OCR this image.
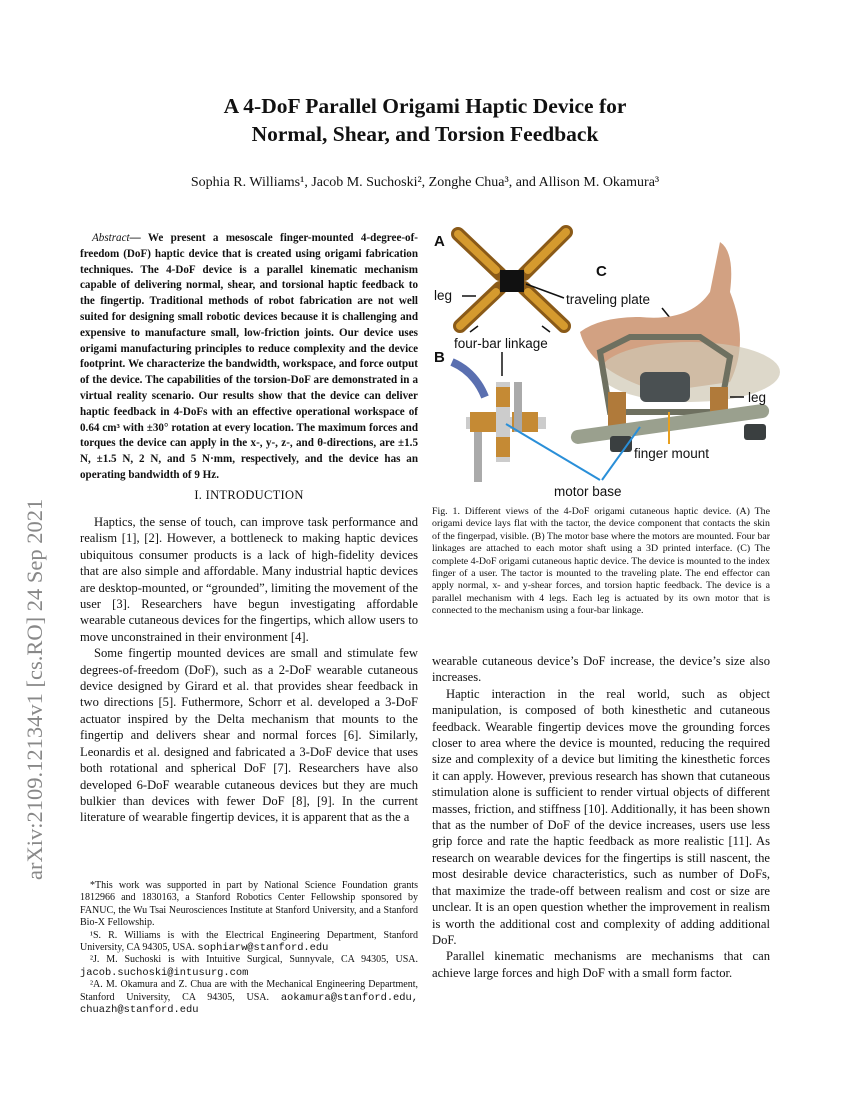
arXiv:2109.12134v1 [cs.RO] 24 Sep 2021
A 4-DoF Parallel Origami Haptic Device for
Normal, Shear, and Torsion Feedback
Sophia R. Williams¹, Jacob M. Suchoski², Zonghe Chua³, and Allison M. Okamura³

Abstract— We present a mesoscale finger-mounted 4-degree-of-freedom (DoF) haptic device that is created using origami fabrication techniques. The 4-DoF device is a parallel kinematic mechanism capable of delivering normal, shear, and torsional haptic feedback to the fingertip. Traditional methods of robot fabrication are not well suited for designing small robotic devices because it is challenging and expensive to manufacture small, low-friction joints. Our device uses origami manufacturing principles to reduce complexity and the device footprint. We characterize the bandwidth, workspace, and force output of the device. The capabilities of the torsion-DoF are demonstrated in a virtual reality scenario. Our results show that the device can deliver haptic feedback in 4-DoFs with an effective operational workspace of 0.64 cm³ with ±30° rotation at every location. The maximum forces and torques the device can apply in the x-, y-, z-, and θ-directions, are ±1.5 N, ±1.5 N, 2 N, and 5 N·mm, respectively, and the device has an operating bandwidth of 9 Hz.

I. INTRODUCTION

Haptics, the sense of touch, can improve task performance and realism [1], [2]. However, a bottleneck to making haptic devices ubiquitous consumer products is a lack of high-fidelity devices that are also simple and affordable. Many industrial haptic devices are desktop-mounted, or “grounded”, limiting the movement of the user [3]. Researchers have begun investigating affordable wearable cutaneous devices for the fingertips, which allow users to move unconstrained in their environment [4].

Some fingertip mounted devices are small and stimulate few degrees-of-freedom (DoF), such as a 2-DoF wearable cutaneous device designed by Girard et al. that provides shear feedback in two directions [5]. Futhermore, Schorr et al. developed a 3-DoF actuator inspired by the Delta mechanism that mounts to the fingertip and delivers shear and normal forces [6]. Similarly, Leonardis et al. designed and fabricated a 3-DoF device that uses both rotational and spherical DoF [7]. Researchers have also developed 6-DoF wearable cutaneous devices but they are much bulkier than devices with fewer DoF [8], [9]. In the current literature of wearable fingertip devices, it is apparent that as the a

*This work was supported in part by National Science Foundation grants 1812966 and 1830163, a Stanford Robotics Center Fellowship sponsored by FANUC, the Wu Tsai Neurosciences Institute at Stanford University, and a Stanford Bio-X Fellowship.

¹S. R. Williams is with the Electrical Engineering Department, Stanford University, CA 94305, USA. sophiarw@stanford.edu

²J. M. Suchoski is with Intuitive Surgical, Sunnyvale, CA 94305, USA. jacob.suchoski@intusurg.com

²A. M. Okamura and Z. Chua are with the Mechanical Engineering Department, Stanford University, CA 94305, USA. aokamura@stanford.edu, chuazh@stanford.edu

A
leg	traveling plate
C
four-bar linkage
B
leg
finger mount
motor base

Fig. 1. Different views of the 4-DoF origami cutaneous haptic device. (A) The origami device lays flat with the tactor, the device component that contacts the skin of the fingerpad, visible. (B) The motor base where the motors are mounted. Four bar linkages are attached to each motor shaft using a 3D printed interface. (C) The complete 4-DoF origami cutaneous haptic device. The device is mounted to the index finger of a user. The tactor is mounted to the traveling plate. The end effector can apply normal, x- and y-shear forces, and torsion haptic feedback. The device is a parallel mechanism with 4 legs. Each leg is actuated by its own motor that is connected to the mechanism using a four-bar linkage.

wearable cutaneous device’s DoF increase, the device’s size also increases.

Haptic interaction in the real world, such as object manipulation, is composed of both kinesthetic and cutaneous feedback. Wearable fingertip devices move the grounding forces closer to area where the device is mounted, reducing the required size and complexity of a device but limiting the kinesthetic forces it can apply. However, previous research has shown that cutaneous stimulation alone is sufficient to render virtual objects of different masses, friction, and stiffness [10]. Additionally, it has been shown that as the number of DoF of the device increases, users use less grip force and rate the haptic feedback as more realistic [11]. As research on wearable devices for the fingertips is still nascent, the most desirable device characteristics, such as number of DoFs, that maximize the trade-off between realism and cost or size are unclear. It is an open question whether the improvement in realism is worth the additional cost and complexity of adding additional DoF.

Parallel kinematic mechanisms are mechanisms that can achieve large forces and high DoF with a small form factor.
